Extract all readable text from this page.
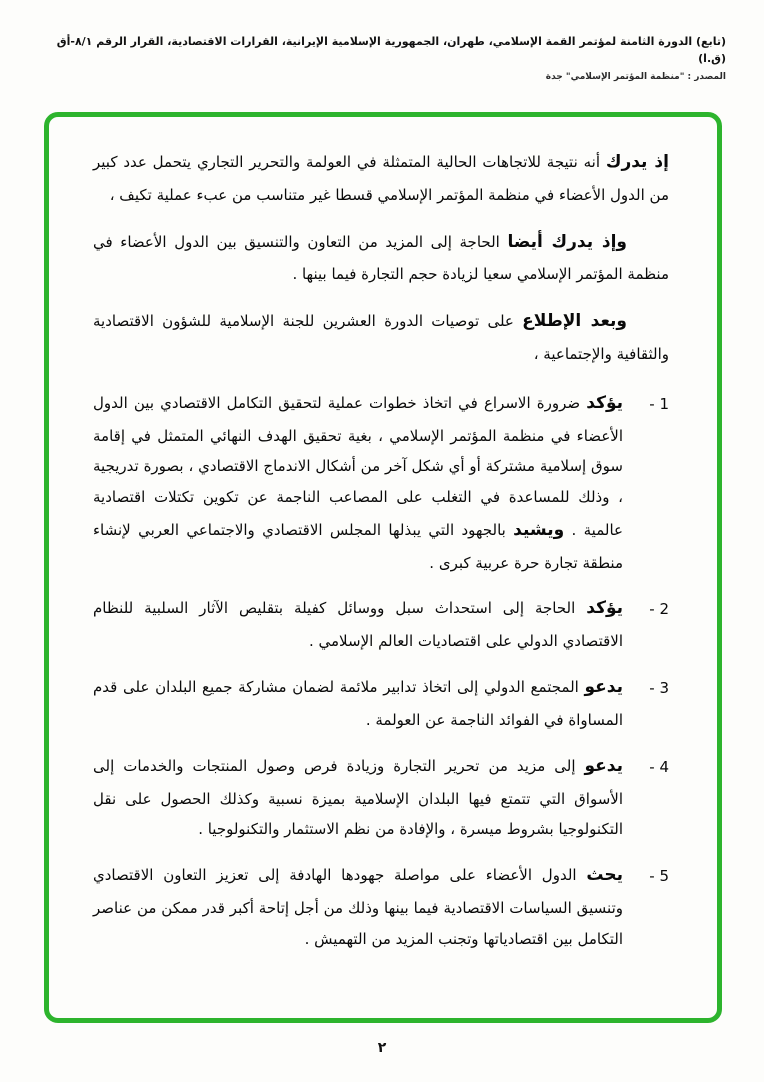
(تابع) الدورة الثامنة لمؤتمر القمة الإسلامي، طهران، الجمهورية الإسلامية الإيرانية، القرارات الاقتصادية، القرار الرقم ٨/١-أق (ق.ا)
المصدر : "منظمة المؤتمر الإسلامي" جدة

إذ يدرك أنه نتيجة للاتجاهات الحالية المتمثلة في العولمة والتحرير التجاري يتحمل عدد كبير من الدول الأعضاء في منظمة المؤتمر الإسلامي قسطا غير متناسب من عبء عملية تكيف ،

وإذ يدرك أيضا الحاجة إلى المزيد من التعاون والتنسيق بين الدول الأعضاء في منظمة المؤتمر الإسلامي سعيا لزيادة حجم التجارة فيما بينها .

وبعد الإطلاع على توصيات الدورة العشرين للجنة الإسلامية للشؤون الاقتصادية والثقافية والإجتماعية ،

1 -

يؤكد ضرورة الاسراع في اتخاذ خطوات عملية لتحقيق التكامل الاقتصادي بين الدول الأعضاء في منظمة المؤتمر الإسلامي ، بغية تحقيق الهدف النهائي المتمثل في إقامة سوق إسلامية مشتركة أو أي شكل آخر من أشكال الاندماج الاقتصادي ، بصورة تدريجية ، وذلك للمساعدة في التغلب على المصاعب الناجمة عن تكوين تكتلات اقتصادية عالمية . ويشيد بالجهود التي يبذلها المجلس الاقتصادي والاجتماعي العربي لإنشاء منطقة تجارة حرة عربية كبرى .

2 -

يؤكد الحاجة إلى استحداث سبل ووسائل كفيلة بتقليص الآثار السلبية للنظام الاقتصادي الدولي على اقتصاديات العالم الإسلامي .

3 -

يدعو المجتمع الدولي إلى اتخاذ تدابير ملائمة لضمان مشاركة جميع البلدان على قدم المساواة في الفوائد الناجمة عن العولمة .

4 -

يدعو إلى مزيد من تحرير التجارة وزيادة فرص وصول المنتجات والخدمات إلى الأسواق التي تتمتع فيها البلدان الإسلامية بميزة نسبية وكذلك الحصول على نقل التكنولوجيا بشروط ميسرة ، والإفادة من نظم الاستثمار والتكنولوجيا .

5 -

يحث الدول الأعضاء على مواصلة جهودها الهادفة إلى تعزيز التعاون الاقتصادي وتنسيق السياسات الاقتصادية فيما بينها وذلك من أجل إتاحة أكبر قدر ممكن من عناصر التكامل بين اقتصادياتها وتجنب المزيد من التهميش .

٢
